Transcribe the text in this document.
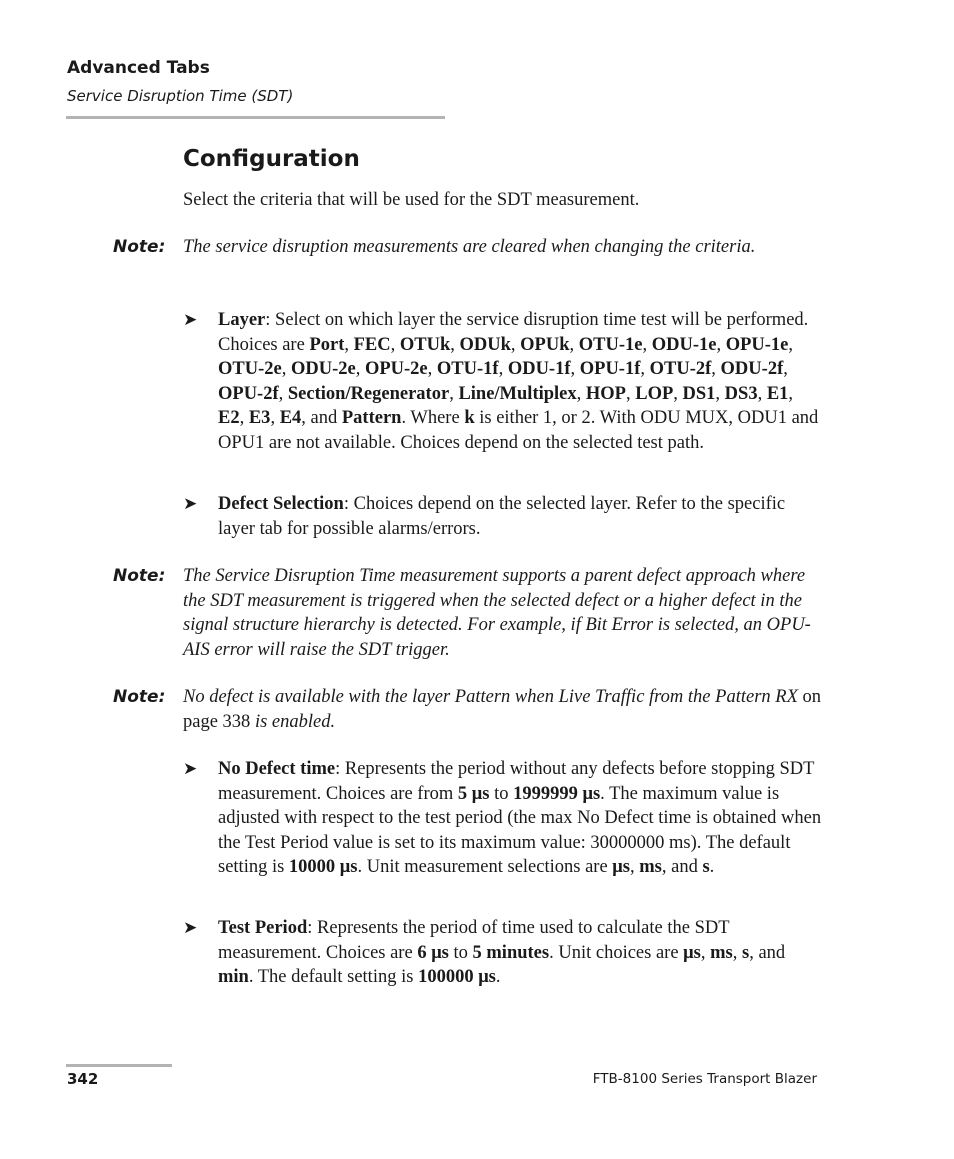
Advanced Tabs
Service Disruption Time (SDT)
Configuration
Select the criteria that will be used for the SDT measurement.
Note: The service disruption measurements are cleared when changing the criteria.
➤ Layer: Select on which layer the service disruption time test will be performed. Choices are Port, FEC, OTUk, ODUk, OPUk, OTU-1e, ODU-1e, OPU-1e, OTU-2e, ODU-2e, OPU-2e, OTU-1f, ODU-1f, OPU-1f, OTU-2f, ODU-2f, OPU-2f, Section/Regenerator, Line/Multiplex, HOP, LOP, DS1, DS3, E1, E2, E3, E4, and Pattern. Where k is either 1, or 2. With ODU MUX, ODU1 and OPU1 are not available. Choices depend on the selected test path.
➤ Defect Selection: Choices depend on the selected layer. Refer to the specific layer tab for possible alarms/errors.
Note: The Service Disruption Time measurement supports a parent defect approach where the SDT measurement is triggered when the selected defect or a higher defect in the signal structure hierarchy is detected. For example, if Bit Error is selected, an OPU-AIS error will raise the SDT trigger.
Note: No defect is available with the layer Pattern when Live Traffic from the Pattern RX on page 338 is enabled.
➤ No Defect time: Represents the period without any defects before stopping SDT measurement. Choices are from 5 μs to 1999999 μs. The maximum value is adjusted with respect to the test period (the max No Defect time is obtained when the Test Period value is set to its maximum value: 30000000 ms). The default setting is 10000 μs. Unit measurement selections are μs, ms, and s.
➤ Test Period: Represents the period of time used to calculate the SDT measurement. Choices are 6 μs to 5 minutes. Unit choices are μs, ms, s, and min. The default setting is 100000 μs.
342	FTB-8100 Series Transport Blazer
